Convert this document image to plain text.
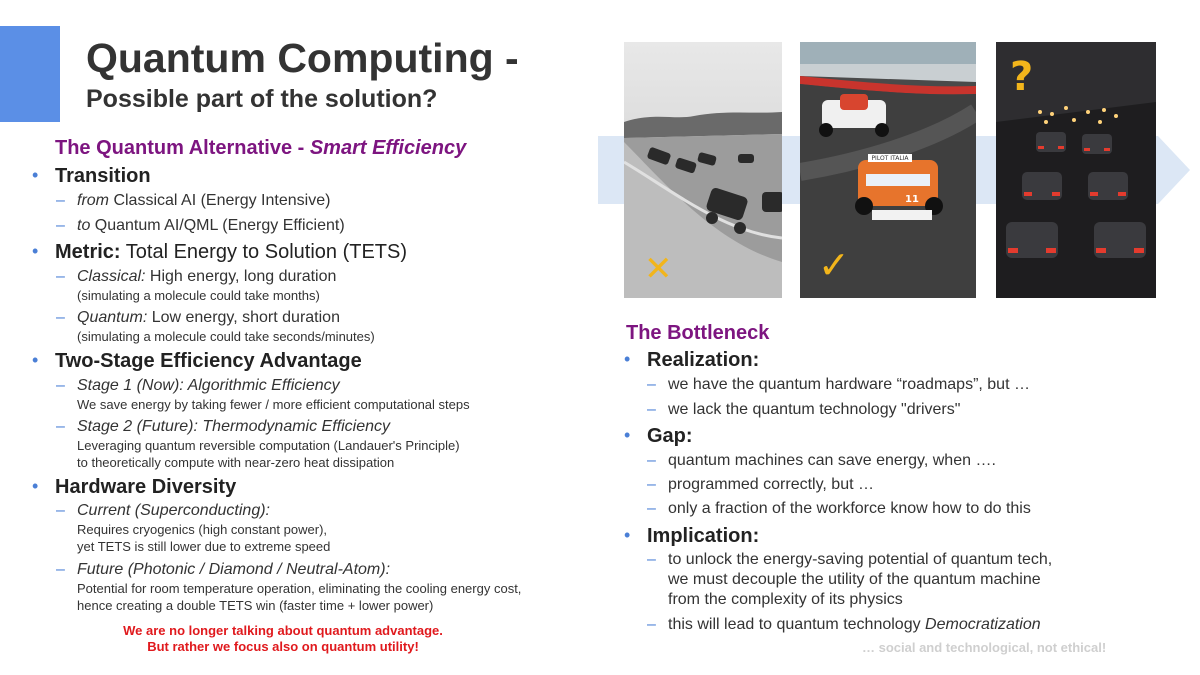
Quantum Computing -
Possible part of the solution?
The Quantum Alternative - Smart Efficiency
• Transition
– from Classical AI (Energy Intensive)
– to Quantum AI/QML (Energy Efficient)
• Metric: Total Energy to Solution (TETS)
– Classical: High energy, long duration
(simulating a molecule could take months)
– Quantum: Low energy, short duration
(simulating a molecule could take seconds/minutes)
• Two-Stage Efficiency Advantage
– Stage 1 (Now): Algorithmic Efficiency
We save energy by taking fewer / more efficient computational steps
– Stage 2 (Future): Thermodynamic Efficiency
Leveraging quantum reversible computation (Landauer's Principle)
to theoretically compute with near-zero heat dissipation
• Hardware Diversity
– Current (Superconducting):
Requires cryogenics (high constant power),
yet TETS is still lower due to extreme speed
– Future (Photonic / Diamond / Neutral-Atom):
Potential for room temperature operation, eliminating the cooling energy cost,
hence creating a double TETS win (faster time + lower power)
We are no longer talking about quantum advantage.
But rather we focus also on quantum utility!
✕
PILOT ITALIA
11
✓
?
The Bottleneck
• Realization:
– we have the quantum hardware “roadmaps”, but …
– we lack the quantum technology "drivers"
• Gap:
– quantum machines can save energy, when ….
– programmed correctly, but …
– only a fraction of the workforce know how to do this
• Implication:
– to unlock the energy-saving potential of quantum tech,
we must decouple the utility of the quantum machine
from the complexity of its physics
– this will lead to quantum technology Democratization
… social and technological, not ethical!
